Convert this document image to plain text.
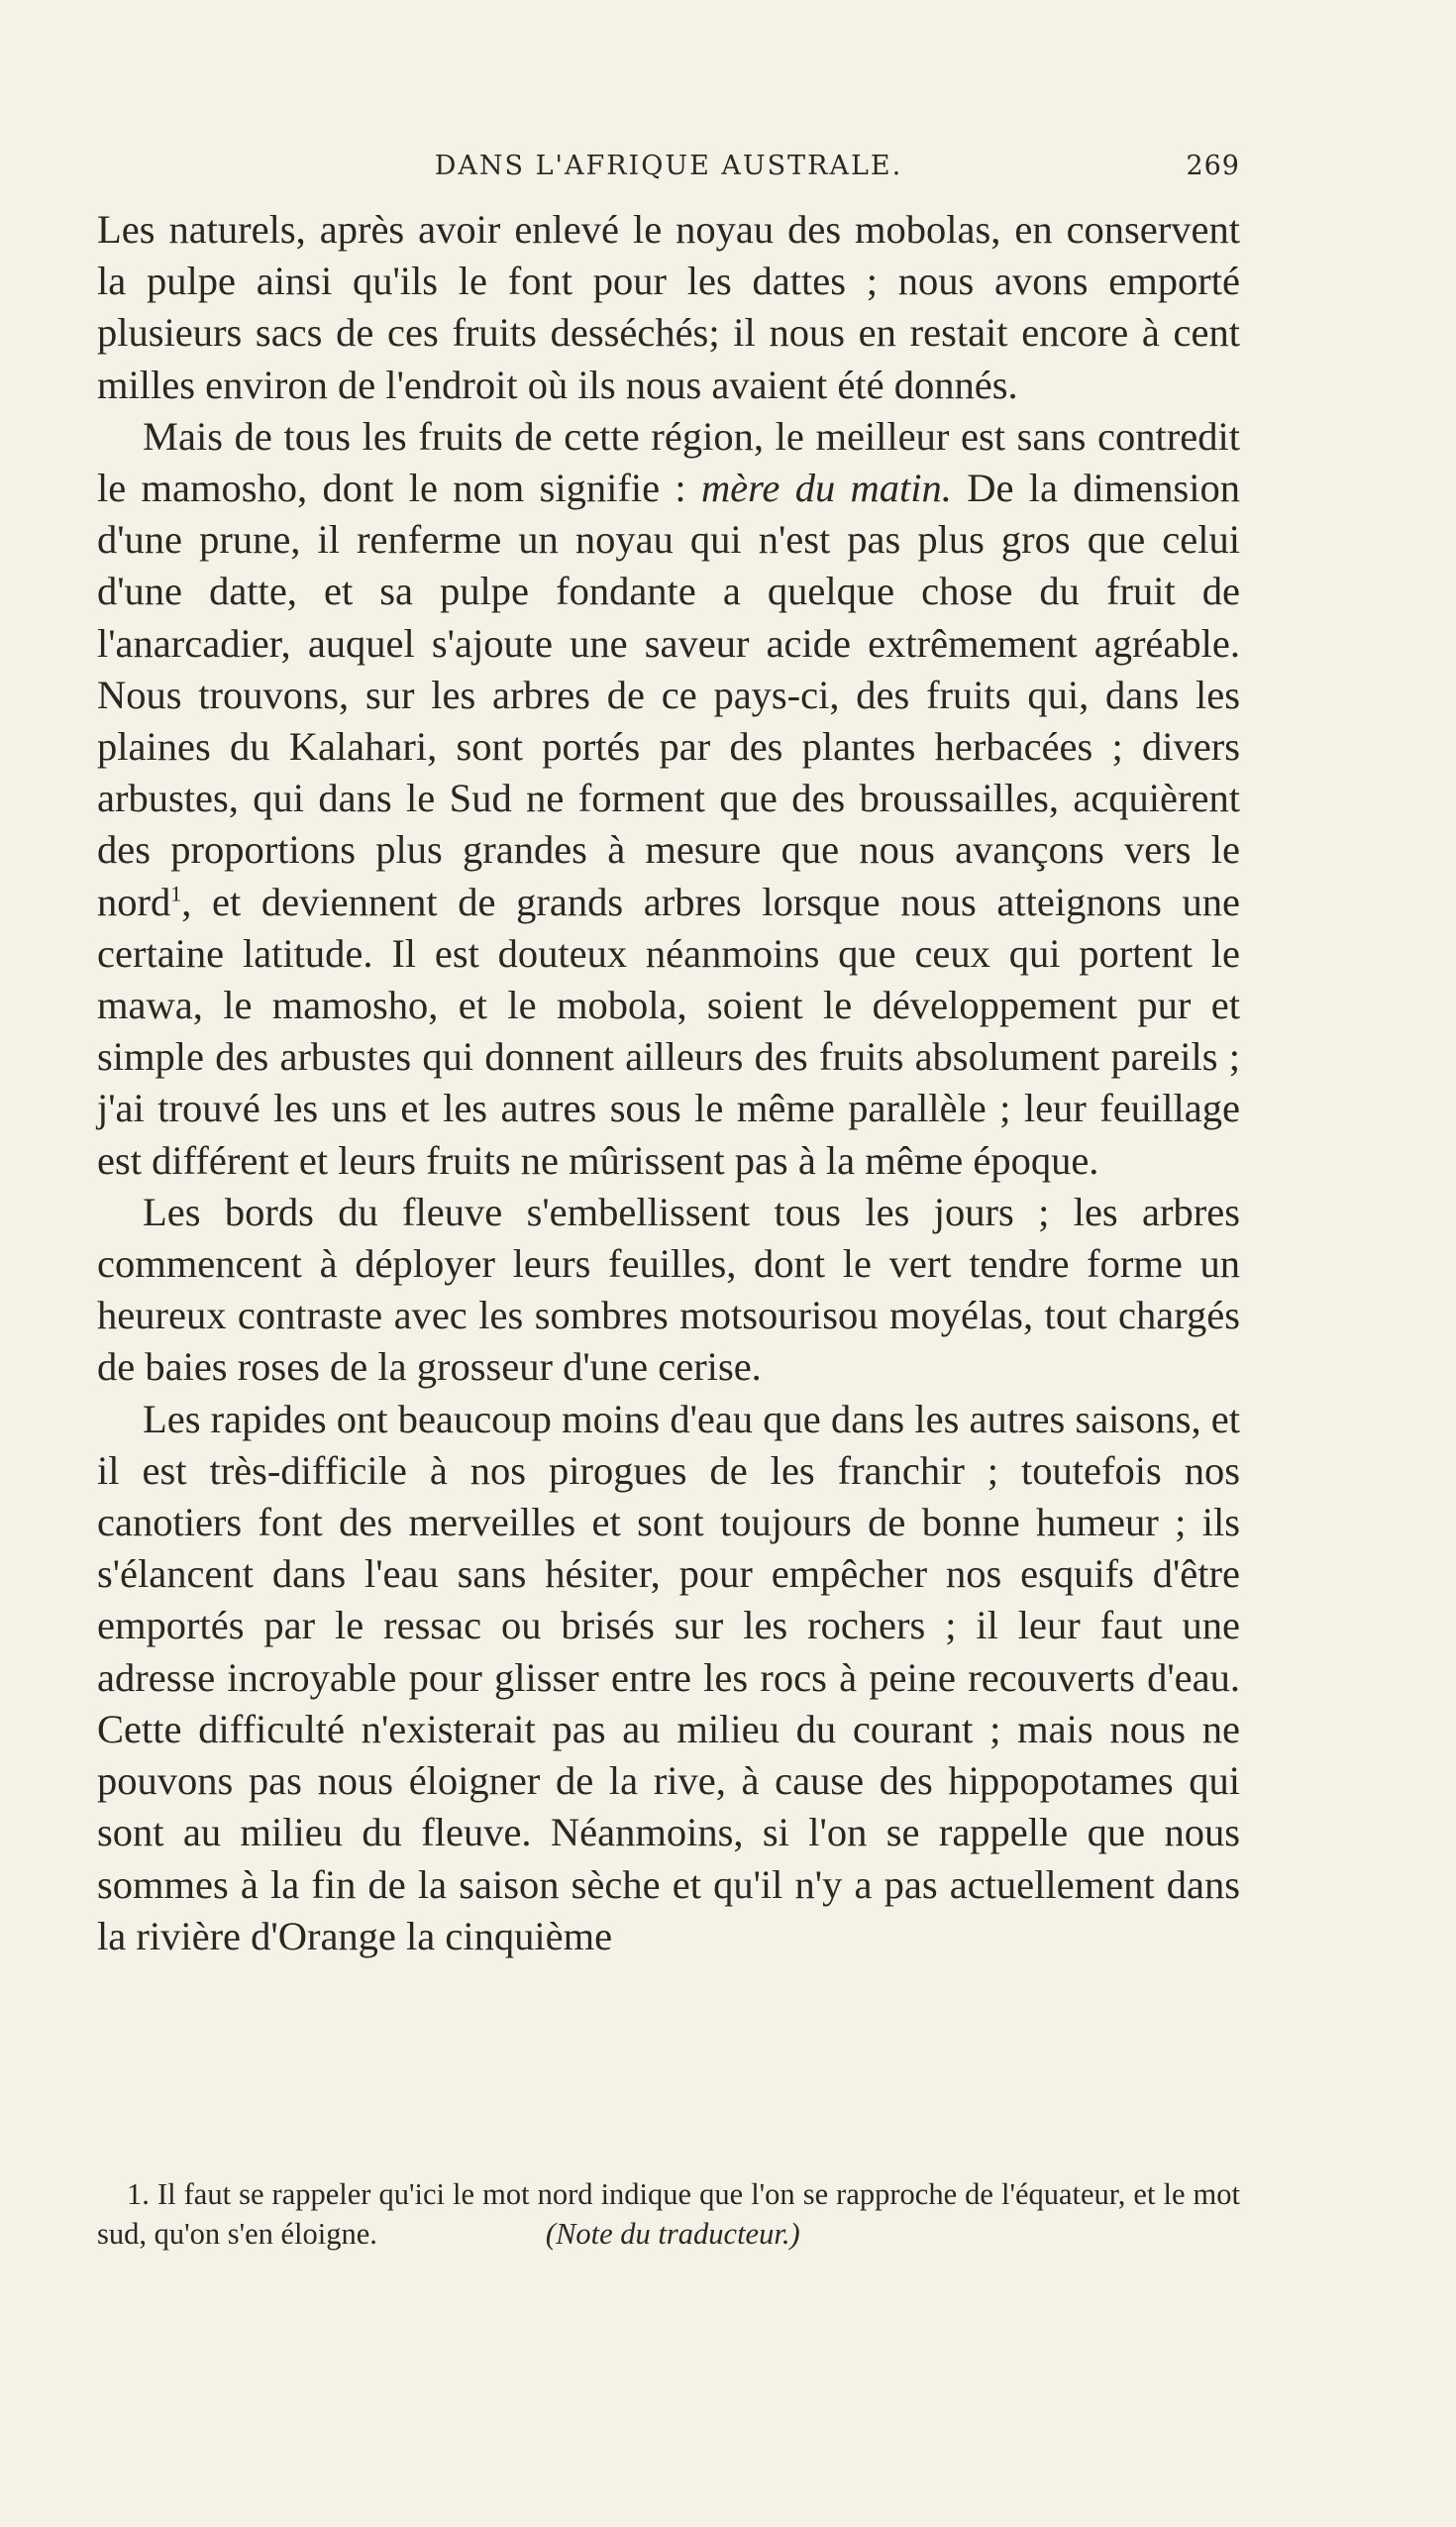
DANS L'AFRIQUE AUSTRALE.	269

Les naturels, après avoir enlevé le noyau des mobolas, en conservent la pulpe ainsi qu'ils le font pour les dattes ; nous avons emporté plusieurs sacs de ces fruits desséchés; il nous en restait encore à cent milles environ de l'endroit où ils nous avaient été donnés.

Mais de tous les fruits de cette région, le meilleur est sans contredit le mamosho, dont le nom signifie : mère du matin. De la dimension d'une prune, il renferme un noyau qui n'est pas plus gros que celui d'une datte, et sa pulpe fondante a quelque chose du fruit de l'anarcadier, auquel s'ajoute une saveur acide extrêmement agréable. Nous trouvons, sur les arbres de ce pays-ci, des fruits qui, dans les plaines du Kalahari, sont portés par des plantes herbacées ; divers arbustes, qui dans le Sud ne forment que des broussailles, acquièrent des proportions plus grandes à mesure que nous avançons vers le nord$^1$, et deviennent de grands arbres lorsque nous atteignons une certaine latitude. Il est douteux néanmoins que ceux qui portent le mawa, le mamosho, et le mobola, soient le développement pur et simple des arbustes qui donnent ailleurs des fruits absolument pareils ; j'ai trouvé les uns et les autres sous le même parallèle ; leur feuillage est différent et leurs fruits ne mûrissent pas à la même époque.

Les bords du fleuve s'embellissent tous les jours ; les arbres commencent à déployer leurs feuilles, dont le vert tendre forme un heureux contraste avec les sombres motsourisou moyélas, tout chargés de baies roses de la grosseur d'une cerise.

Les rapides ont beaucoup moins d'eau que dans les autres saisons, et il est très-difficile à nos pirogues de les franchir ; toutefois nos canotiers font des merveilles et sont toujours de bonne humeur ; ils s'élancent dans l'eau sans hésiter, pour empêcher nos esquifs d'être emportés par le ressac ou brisés sur les rochers ; il leur faut une adresse incroyable pour glisser entre les rocs à peine recouverts d'eau. Cette difficulté n'existerait pas au milieu du courant ; mais nous ne pouvons pas nous éloigner de la rive, à cause des hippopotames qui sont au milieu du fleuve. Néanmoins, si l'on se rappelle que nous sommes à la fin de la saison sèche et qu'il n'y a pas actuellement dans la rivière d'Orange la cinquième

1. Il faut se rappeler qu'ici le mot nord indique que l'on se rapproche de l'équateur, et le mot sud, qu'on s'en éloigne.	(Note du traducteur.)
